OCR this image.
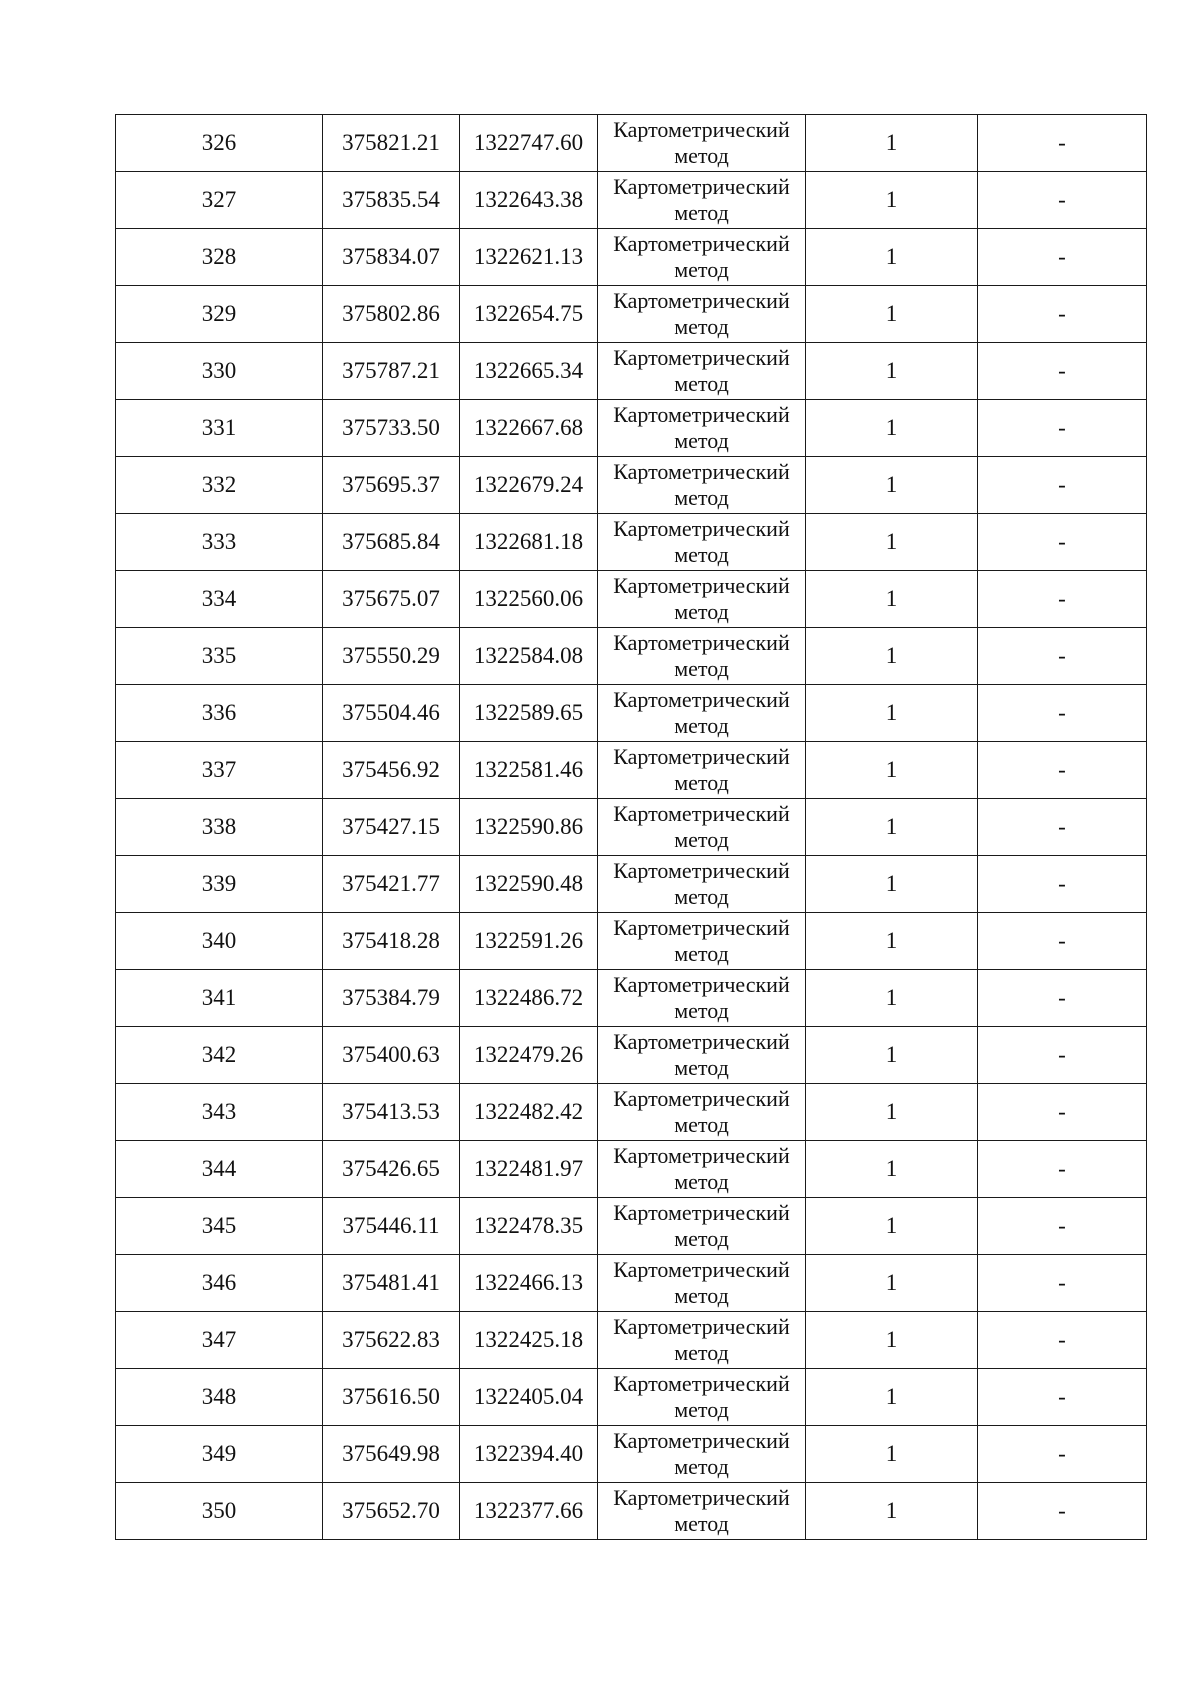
326	375821.21	1322747.60	Картометрический метод	1	-
327	375835.54	1322643.38	Картометрический метод	1	-
328	375834.07	1322621.13	Картометрический метод	1	-
329	375802.86	1322654.75	Картометрический метод	1	-
330	375787.21	1322665.34	Картометрический метод	1	-
331	375733.50	1322667.68	Картометрический метод	1	-
332	375695.37	1322679.24	Картометрический метод	1	-
333	375685.84	1322681.18	Картометрический метод	1	-
334	375675.07	1322560.06	Картометрический метод	1	-
335	375550.29	1322584.08	Картометрический метод	1	-
336	375504.46	1322589.65	Картометрический метод	1	-
337	375456.92	1322581.46	Картометрический метод	1	-
338	375427.15	1322590.86	Картометрический метод	1	-
339	375421.77	1322590.48	Картометрический метод	1	-
340	375418.28	1322591.26	Картометрический метод	1	-
341	375384.79	1322486.72	Картометрический метод	1	-
342	375400.63	1322479.26	Картометрический метод	1	-
343	375413.53	1322482.42	Картометрический метод	1	-
344	375426.65	1322481.97	Картометрический метод	1	-
345	375446.11	1322478.35	Картометрический метод	1	-
346	375481.41	1322466.13	Картометрический метод	1	-
347	375622.83	1322425.18	Картометрический метод	1	-
348	375616.50	1322405.04	Картометрический метод	1	-
349	375649.98	1322394.40	Картометрический метод	1	-
350	375652.70	1322377.66	Картометрический метод	1	-
